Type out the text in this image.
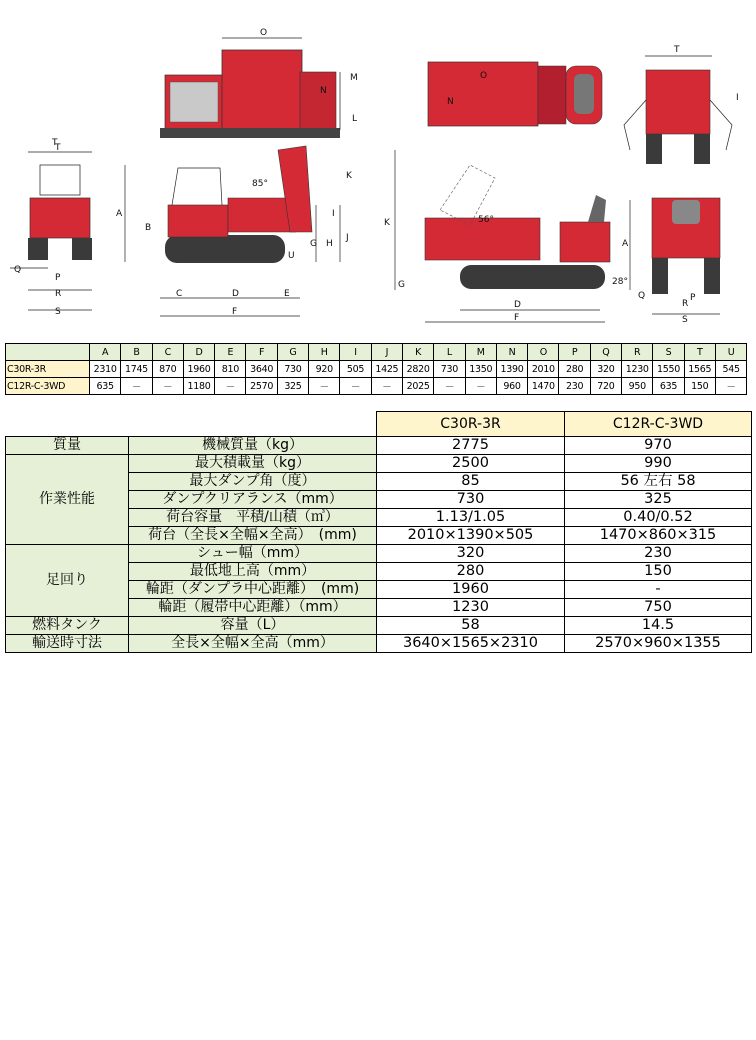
O
M
N
L
T
Q
P
R
S
T
K
85°
A
B
I
J
G H
U
C	D	E
F
O
N
T
I
K	56°
A
G
D
F
28°
Q	P
R
S
	A	B	C	D	E	F	G	H	I	J	K	L	M	N	O	P	Q	R	S	T	U
C30R-3R	2310	1745	870	1960	810	3640	730	920	505	1425	2820	730	1350	1390	2010	280	320	1230	1550	1565	545
C12R-C-3WD	635	－	－	1180	－	2570	325	－	－	－	2025	－	－	960	1470	230	720	950	635	150	－
		C30R-3R	C12R-C-3WD
質量	機械質量（kg）	2775	970
作業性能	最大積載量（kg）	2500	990
	最大ダンプ角（度）	85	56 左右 58
	ダンプクリアランス（mm）	730	325
	荷台容量　平積/山積（㎥）	1.13/1.05	0.40/0.52
	荷台（全長×全幅×全高）　(mm)	2010×1390×505	1470×860×315
足回り	シュー幅（mm）	320	230
	最低地上高（mm）	280	150
	輪距（ダンプラ中心距離）　(mm)	1960	-
	輪距（履帯中心距離）（mm）	1230	750
燃料タンク	容量（L）	58	14.5
輸送時寸法	全長×全幅×全高（mm）	3640×1565×2310	2570×960×1355
